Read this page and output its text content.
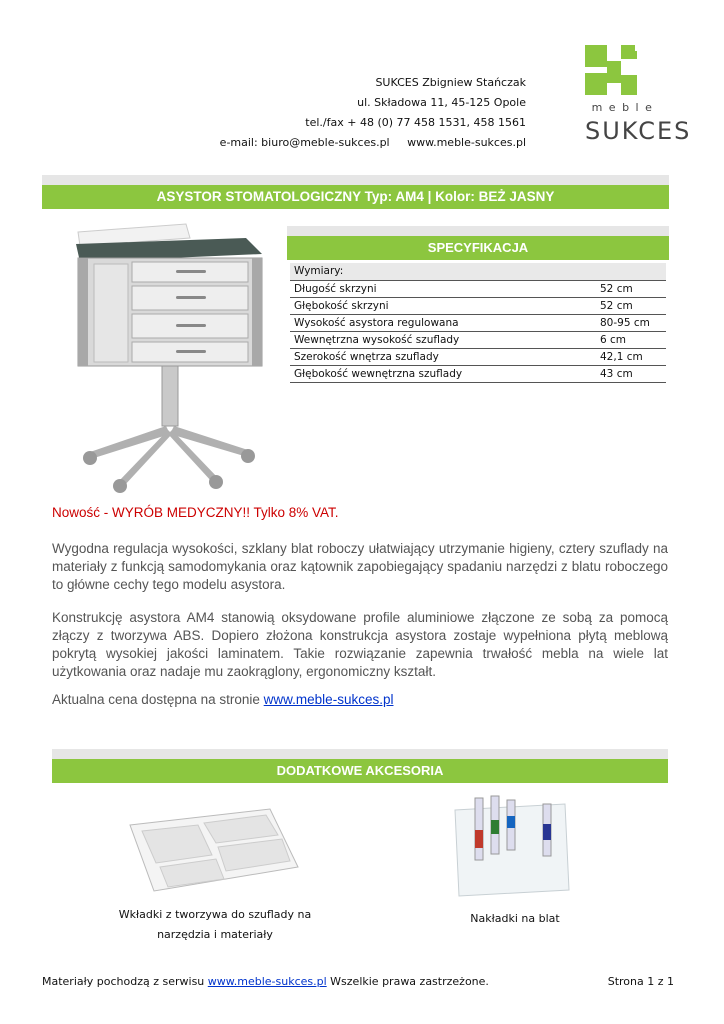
SUKCES Zbigniew Stańczak
ul. Składowa 11, 45-125 Opole
tel./fax + 48 (0) 77 458 1531, 458 1561
e-mail: biuro@meble-sukces.pl www.meble-sukces.pl
meble
SUKCES
ASYSTOR STOMATOLOGICZNY Typ: AM4 | Kolor: BEŻ JASNY
SPECYFIKACJA
Wymiary:	
Długość skrzyni	52 cm
Głębokość skrzyni	52 cm
Wysokość asystora regulowana	80-95 cm
Wewnętrzna wysokość szuflady	6 cm
Szerokość wnętrza szuflady	42,1 cm
Głębokość wewnętrzna szuflady	43 cm
Nowość - WYRÓB MEDYCZNY!! Tylko 8% VAT.
Wygodna regulacja wysokości, szklany blat roboczy ułatwiający utrzymanie higieny, cztery szuflady na materiały z funkcją samodomykania oraz kątownik zapobiegający spadaniu narzędzi z blatu roboczego to główne cechy tego modelu asystora.
Konstrukcję asystora AM4 stanowią oksydowane profile aluminiowe złączone ze sobą za pomocą złączy z tworzywa ABS. Dopiero złożona konstrukcja asystora zostaje wypełniona płytą meblową pokrytą wysokiej jakości laminatem. Takie rozwiązanie zapewnia trwałość mebla na wiele lat użytkowania oraz nadaje mu zaokrąglony, ergonomiczny kształt.
Aktualna cena dostępna na stronie www.meble-sukces.pl
DODATKOWE AKCESORIA
Wkładki z tworzywa do szuflady na
narzędzia i materiały
Nakładki na blat
Materiały pochodzą z serwisu www.meble-sukces.pl Wszelkie prawa zastrzeżone.	Strona 1 z 1
